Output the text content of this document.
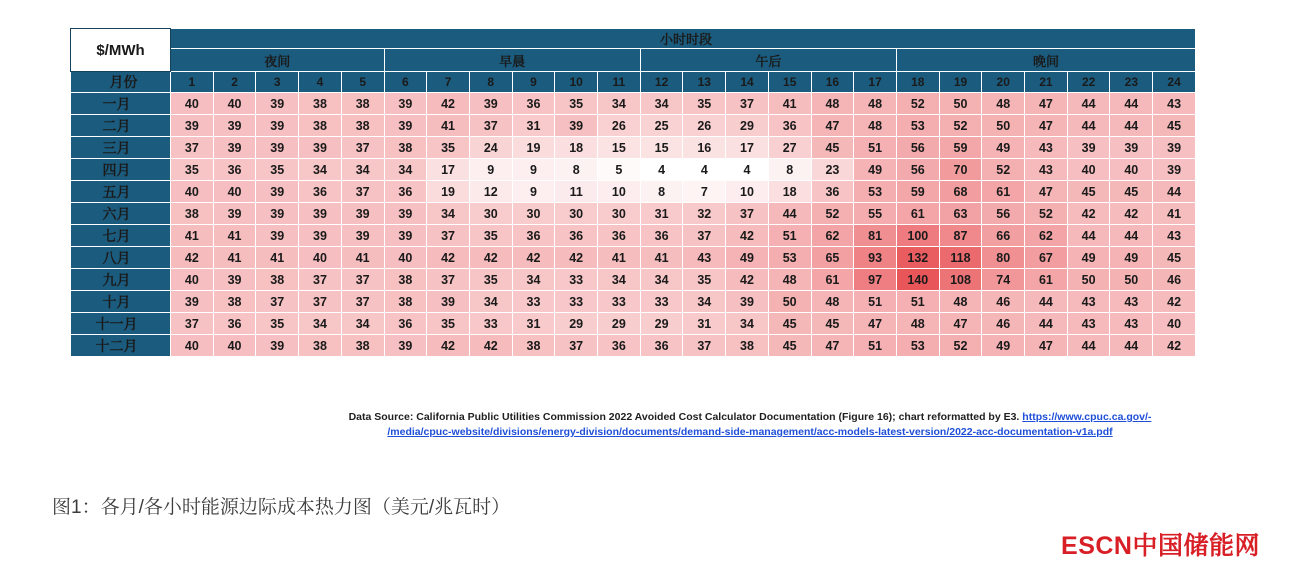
$/MWh	小时时段																							
	夜间					早晨						午后						晚间						
月份	1	2	3	4	5	6	7	8	9	10	11	12	13	14	15	16	17	18	19	20	21	22	23	24
一月	40	40	39	38	38	39	42	39	36	35	34	34	35	37	41	48	48	52	50	48	47	44	44	43
二月	39	39	39	38	38	39	41	37	31	39	26	25	26	29	36	47	48	53	52	50	47	44	44	45
三月	37	39	39	39	37	38	35	24	19	18	15	15	16	17	27	45	51	56	59	49	43	39	39	39
四月	35	36	35	34	34	34	17	9	9	8	5	4	4	4	8	23	49	56	70	52	43	40	40	39
五月	40	40	39	36	37	36	19	12	9	11	10	8	7	10	18	36	53	59	68	61	47	45	45	44
六月	38	39	39	39	39	39	34	30	30	30	30	31	32	37	44	52	55	61	63	56	52	42	42	41
七月	41	41	39	39	39	39	37	35	36	36	36	36	37	42	51	62	81	100	87	66	62	44	44	43
八月	42	41	41	40	41	40	42	42	42	42	41	41	43	49	53	65	93	132	118	80	67	49	49	45
九月	40	39	38	37	37	38	37	35	34	33	34	34	35	42	48	61	97	140	108	74	61	50	50	46
十月	39	38	37	37	37	38	39	34	33	33	33	33	34	39	50	48	51	51	48	46	44	43	43	42
十一月	37	36	35	34	34	36	35	33	31	29	29	29	31	34	45	45	47	48	47	46	44	43	43	40
十二月	40	40	39	38	38	39	42	42	38	37	36	36	37	38	45	47	51	53	52	49	47	44	44	42
Data Source: California Public Utilities Commission 2022 Avoided Cost Calculator Documentation (Figure 16); chart reformatted by E3. https://www.cpuc.ca.gov/-
/media/cpuc-website/divisions/energy-division/documents/demand-side-management/acc-models-latest-version/2022-acc-documentation-v1a.pdf
图1：各月/各小时能源边际成本热力图（美元/兆瓦时）
ESCN中国储能网
